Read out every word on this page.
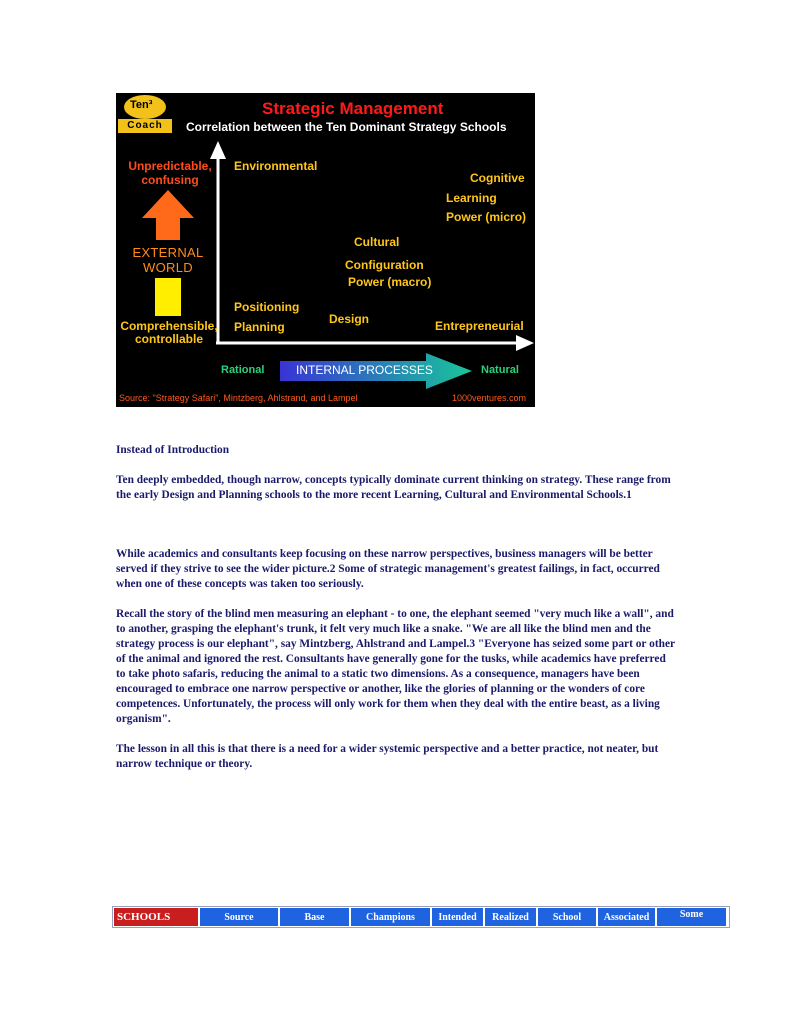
Ten³
Coach
Strategic Management
Correlation between the Ten Dominant Strategy Schools
Unpredictable,
confusing
EXTERNAL
WORLD
Comprehensible,
controllable
Environmental
Cognitive
Learning
Power (micro)
Cultural
Configuration
Power (macro)
Positioning
Planning
Design	Entrepreneurial
Rational	INTERNAL PROCESSES	Natural
Source: "Strategy Safari", Mintzberg, Ahlstrand, and Lampel	1000ventures.com

Instead of Introduction

Ten deeply embedded, though narrow, concepts typically dominate current thinking on strategy. These range from the early Design and Planning schools to the more recent Learning, Cultural and Environmental Schools.1

While academics and consultants keep focusing on these narrow perspectives, business managers will be better served if they strive to see the wider picture.2 Some of strategic management's greatest failings, in fact, occurred when one of these concepts was taken too seriously.

Recall the story of the blind men measuring an elephant - to one, the elephant seemed "very much like a wall", and to another, grasping the elephant's trunk, it felt very much like a snake. "We are all like the blind men and the strategy process is our elephant", say Mintzberg, Ahlstrand and Lampel.3 "Everyone has seized some part or other of the animal and ignored the rest. Consultants have generally gone for the tusks, while academics have preferred to take photo safaris, reducing the animal to a static two dimensions. As a consequence, managers have been encouraged to embrace one narrow perspective or another, like the glories of planning or the wonders of core competences. Unfortunately, the process will only work for them when they deal with the entire beast, as a living organism".

The lesson in all this is that there is a need for a wider systemic perspective and a better practice, not neater, but narrow technique or theory.

SCHOOLS	Source	Base	Champions	Intended	Realized	School	Associated	Some
